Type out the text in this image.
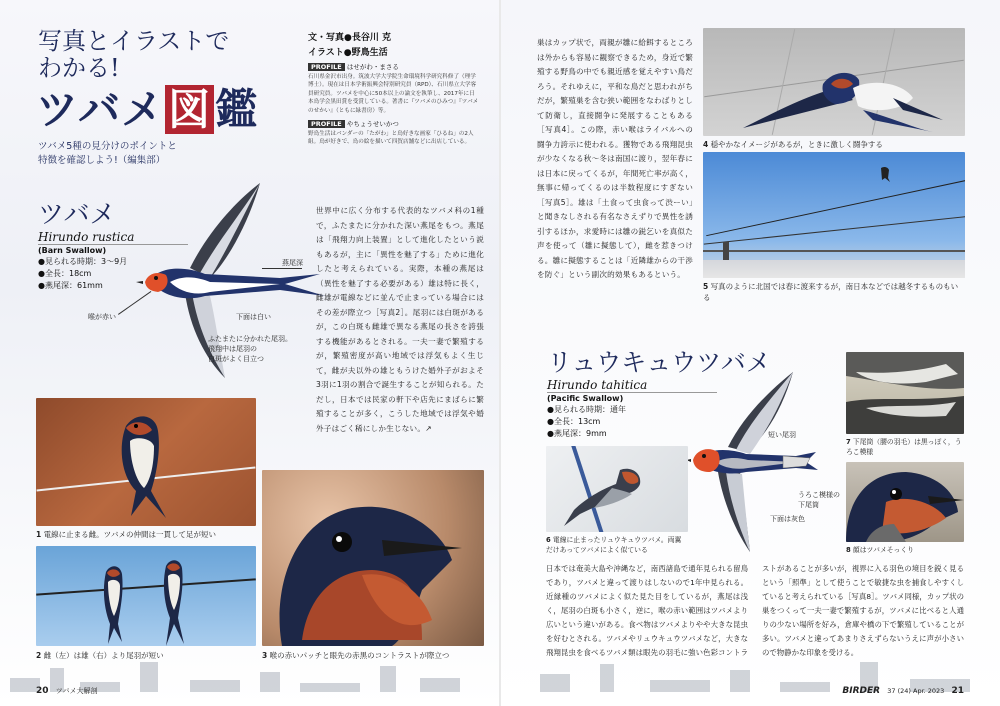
写真とイラストで
わかる!
ツバメ図鑑
ツバメ5種の見分けのポイントと
特徴を確認しよう!（編集部）
文・写真●長谷川 克
イラスト●野鳥生活
PROFILE はせがわ・まさる
石川県金沢市出身。筑波大学大学院生命環境科学研究科修了（理学博士）。現在は日本学術振興会特別研究員（RPD）、石川県立大学客員研究員。ツバメを中心に50本以上の論文を執筆し、2017年に日本鳥学会黒田賞を受賞している。著書に『ツバメのひみつ』『ツバメのせかい』（ともに緑書房）等。
PROFILE やちょうせいかつ
野鳥生活はバンダーの「たがわ」と鳥好きな画家「ひるね」の2人組。鳥が好きで、鳥の絵を描いて四賀店舗などに出店している。
ツバメ
Hirundo rustica
(Barn Swallow)
●見られる時期：3〜9月
●全長：18cm
●燕尾深：61mm
燕尾深
喉が赤い	下面は白い
ふたまたに分かれた尾羽。
飛翔中は尾羽の
白斑がよく目立つ
世界中に広く分布する代表的なツバメ科の1種で，ふたまたに分かれた深い燕尾をもつ。燕尾は「飛翔力向上装置」として進化したという説もあるが，主に「異性を魅了する」ために進化したと考えられている。実際，本種の燕尾は（異性を魅了する必要がある）雄は特に長く，雌雄が電線などに並んで止まっている場合にはその差が際立つ［写真2］。尾羽には白斑があるが，この白斑も雌雄で異なる燕尾の長さを誇張する機能があるとされる。一夫一妻で繁殖するが，繁殖密度が高い地域では浮気もよく生じて，雌が夫以外の雄ともうけた婚外子がおよそ3羽に1羽の割合で誕生することが知られる。ただし，日本では民家の軒下や店先にまばらに繁殖することが多く，こうした地域では浮気や婚外子はごく稀にしか生じない。↗
1 電線に止まる雌。ツバメの仲間は一貫して足が短い
2 雌（左）は雄（右）より尾羽が短い	3 喉の赤いパッチと眼先の赤黒のコントラストが際立つ
巣はカップ状で，両親が雛に給餌するところは外からも容易に観察できるため，身近で繁殖する野鳥の中でも親近感を覚えやすい鳥だろう。それゆえに，平和な鳥だと思われがちだが，繁殖巣を含む狭い範囲をなわばりとして防衛し，直接闘争に発展することもある［写真4］。この際，赤い喉はライバルへの闘争力誇示に使われる。獲物である飛翔昆虫が少なくなる秋〜冬は南国に渡り，翌年春には日本に戻ってくるが，年間死亡率が高く，無事に帰ってくるのは半数程度にすぎない［写真5］。雄は「土食って虫食って渋ーい」と聞きなしされる有名なさえずりで異性を誘引するほか，求愛時には雛の鋭乞いを真似た声を使って（雛に擬態して），雌を惹きつける。雛に擬態することは「近隣雄からの干渉を防ぐ」という副次的効果もあるという。
4 穏やかなイメージがあるが，ときに激しく闘争する
5 写真のように北国では春に渡来するが，南日本などでは越冬するものもいる
リュウキュウツバメ
Hirundo tahitica
(Pacific Swallow)
●見られる時期：通年
●全長：13cm
●燕尾深：9mm	短い尾羽
うろこ模様の
下尾筒
下面は灰色
6 電線に止まったリュウキュウツバメ。両翼だけあってツバメによく似ている
7 下尾筒（腰の羽毛）は黒っぽく，うろこ模様
8 顔はツバメそっくり
日本では奄美大島や沖縄など，南西諸島で通年見られる留鳥であり，ツバメと違って渡りはしないので1年中見られる。近縁種のツバメによく似た見た目をしているが，燕尾は浅く，尾羽の白斑も小さく，逆に，喉の赤い範囲はツバメより広いという違いがある。食べ物はツバメよりやや大きな昆虫を好むとされる。ツバメやリュウキュウツバメなど，大きな飛翔昆虫を食べるツバメ類は眼先の羽毛に強い色彩コントラストがあることが多いが，視界に入る羽色の境目を鋭く見るという「照準」として使うことで敏捷な虫を捕食しやすくしていると考えられている［写真8］。ツバメ同様，カップ状の巣をつくって一夫一妻で繁殖するが，ツバメに比べると人通りの少ない場所を好み，倉庫や橋の下で繁殖していることが多い。ツバメと違ってあまりさえずらないうえに声が小さいので物静かな印象を受ける。
20 ツバメ大解剖	BIRDER 37 (24) Apr. 2023 21
